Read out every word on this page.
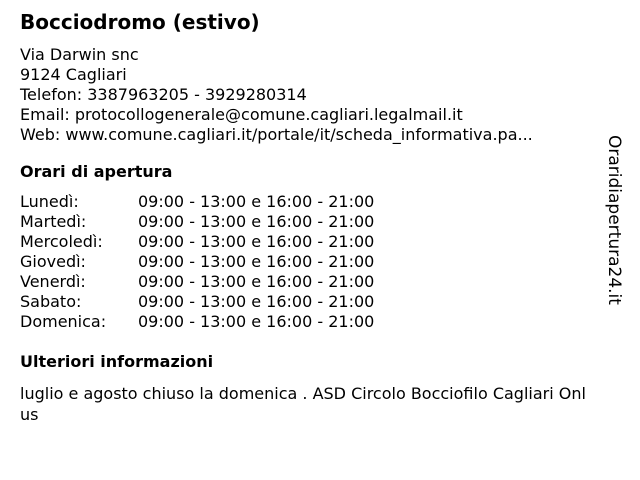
Bocciodromo (estivo)
Via Darwin snc
9124 Cagliari
Telefon: 3387963205 - 3929280314
Email: protocollogenerale@comune.cagliari.legalmail.it
Web: www.comune.cagliari.it/portale/it/scheda_informativa.pa...
Orari di apertura
Lunedì:	09:00 - 13:00 e 16:00 - 21:00
Martedì:	09:00 - 13:00 e 16:00 - 21:00
Mercoledì:	09:00 - 13:00 e 16:00 - 21:00
Giovedì:	09:00 - 13:00 e 16:00 - 21:00
Venerdì:	09:00 - 13:00 e 16:00 - 21:00
Sabato:	09:00 - 13:00 e 16:00 - 21:00
Domenica:	09:00 - 13:00 e 16:00 - 21:00
Ulteriori informazioni
luglio e agosto chiuso la domenica . ASD Circolo Bocciofilo Cagliari Onlus
Oraridiapertura24.it
